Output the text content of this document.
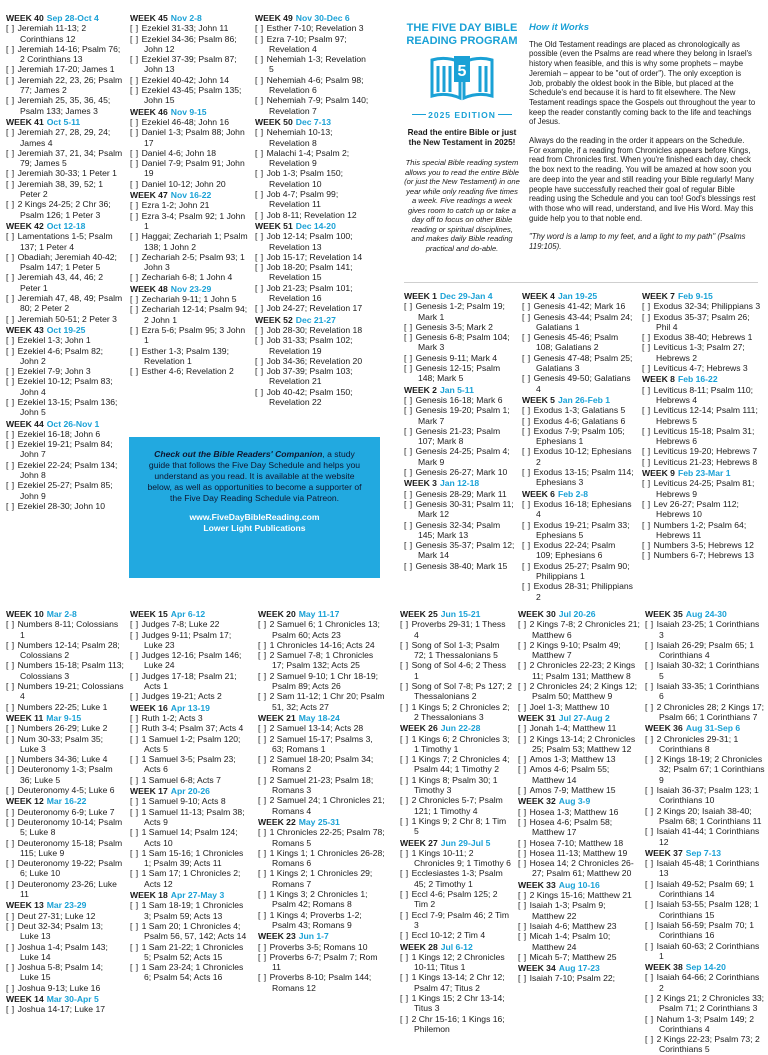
WEEK 40 Sep 28-Oct 4
[ ] Jeremiah 11-13; 2 Corinthians 12
[ ] Jeremiah 14-16; Psalm 76; 2 Corinthians 13
[ ] Jeremiah 17-20; James 1
[ ] Jeremiah 22, 23, 26; Psalm 77; James 2
[ ] Jeremiah 25, 35, 36, 45; Psalm 133; James 3
WEEK 41 Oct 5-11
[ ] Jeremiah 27, 28, 29, 24; James 4
[ ] Jeremiah 37, 21, 34; Psalm 79; James 5
[ ] Jeremiah 30-33; 1 Peter 1
[ ] Jeremiah 38, 39, 52; 1 Peter 2
[ ] 2 Kings 24-25; 2 Chr 36; Psalm 126; 1 Peter 3
WEEK 42 Oct 12-18
[ ] Lamentations 1-5; Psalm 137; 1 Peter 4
[ ] Obadiah; Jeremiah 40-42; Psalm 147; 1 Peter 5
[ ] Jeremiah 43, 44, 46; 2 Peter 1
[ ] Jeremiah 47, 48, 49; Psalm 80; 2 Peter 2
[ ] Jeremiah 50-51; 2 Peter 3
WEEK 43 Oct 19-25
[ ] Ezekiel 1-3; John 1
[ ] Ezekiel 4-6; Psalm 82; John 2
[ ] Ezekiel 7-9; John 3
[ ] Ezekiel 10-12; Psalm 83; John 4
[ ] Ezekiel 13-15; Psalm 136; John 5
WEEK 44 Oct 26-Nov 1
[ ] Ezekiel 16-18; John 6
[ ] Ezekiel 19-21; Psalm 84; John 7
[ ] Ezekiel 22-24; Psalm 134; John 8
[ ] Ezekiel 25-27; Psalm 85; John 9
[ ] Ezekiel 28-30; John 10
WEEK 45 Nov 2-8
[ ] Ezekiel 31-33; John 11
[ ] Ezekiel 34-36; Psalm 86; John 12
[ ] Ezekiel 37-39; Psalm 87; John 13
[ ] Ezekiel 40-42; John 14
[ ] Ezekiel 43-45; Psalm 135; John 15
WEEK 46 Nov 9-15
[ ] Ezekiel 46-48; John 16
[ ] Daniel 1-3; Psalm 88; John 17
[ ] Daniel 4-6; John 18
[ ] Daniel 7-9; Psalm 91; John 19
[ ] Daniel 10-12; John 20
WEEK 47 Nov 16-22
[ ] Ezra 1-2; John 21
[ ] Ezra 3-4; Psalm 92; 1 John 1
[ ] Haggai; Zechariah 1; Psalm 138; 1 John 2
[ ] Zechariah 2-5; Psalm 93; 1 John 3
[ ] Zechariah 6-8; 1 John 4
WEEK 48 Nov 23-29
[ ] Zechariah 9-11; 1 John 5
[ ] Zechariah 12-14; Psalm 94; 2 John 1
[ ] Ezra 5-6; Psalm 95; 3 John 1
[ ] Esther 1-3; Psalm 139; Revelation 1
[ ] Esther 4-6; Revelation 2
WEEK 49 Nov 30-Dec 6
[ ] Esther 7-10; Revelation 3
[ ] Ezra 7-10; Psalm 97; Revelation 4
[ ] Nehemiah 1-3; Revelation 5
[ ] Nehemiah 4-6; Psalm 98; Revelation 6
[ ] Nehemiah 7-9; Psalm 140; Revelation 7
WEEK 50 Dec 7-13
[ ] Nehemiah 10-13; Revelation 8
[ ] Malachi 1-4; Psalm 2; Revelation 9
[ ] Job 1-3; Psalm 150; Revelation 10
[ ] Job 4-7; Psalm 99; Revelation 11
[ ] Job 8-11; Revelation 12
WEEK 51 Dec 14-20
[ ] Job 12-14; Psalm 100; Revelation 13
[ ] Job 15-17; Revelation 14
[ ] Job 18-20; Psalm 141; Revelation 15
[ ] Job 21-23; Psalm 101; Revelation 16
[ ] Job 24-27; Revelation 17
WEEK 52 Dec 21-27
[ ] Job 28-30; Revelation 18
[ ] Job 31-33; Psalm 102; Revelation 19
[ ] Job 34-36; Revelation 20
[ ] Job 37-39; Psalm 103; Revelation 21
[ ] Job 40-42; Psalm 150; Revelation 22
Check out the Bible Readers' Companion, a study guide that follows the Five Day Schedule and helps you understand as you read. It is available at the website below, as well as opportunities to become a supporter of the Five Day Reading Schedule via Patreon.
www.FiveDayBibleReading.com
Lower Light Publications
THE FIVE DAY BIBLE READING PROGRAM
5
2025 EDITION
Read the entire Bible or just the New Testament in 2025!
This special Bible reading system allows you to read the entire Bible (or just the New Testament) in one year while only reading five times a week. Five readings a week gives room to catch up or take a day off to focus on other Bible reading or spiritual disciplines, and makes daily Bible reading practical and do-able.
How it Works

The Old Testament readings are placed as chronologically as possible (even the Psalms are read where they belong in Israel's history when feasible, and this is why some prophets – maybe Jeremiah – appear to be "out of order"). The only exception is Job, probably the oldest book in the Bible, but placed at the Schedule's end because it is hard to fit elsewhere. The New Testament readings space the Gospels out throughout the year to keep the reader constantly coming back to the life and teachings of Jesus.

Always do the reading in the order it appears on the Schedule. For example, if a reading from Chronicles appears before Kings, read from Chronicles first. When you're finished each day, check the box next to the reading. You will be amazed at how soon you are deep into the year and still reading your Bible regularly! Many people have successfully reached their goal of regular Bible reading using the Schedule and you can too! God's blessings rest with those who will read, understand, and live His Word. May this guide help you to that noble end.

"Thy word is a lamp to my feet, and a light to my path" (Psalms 119:105).

WEEK 1 Dec 29-Jan 4
[ ] Genesis 1-2; Psalm 19; Mark 1
[ ] Genesis 3-5; Mark 2
[ ] Genesis 6-8; Psalm 104; Mark 3
[ ] Genesis 9-11; Mark 4
[ ] Genesis 12-15; Psalm 148; Mark 5
WEEK 2 Jan 5-11
[ ] Genesis 16-18; Mark 6
[ ] Genesis 19-20; Psalm 1; Mark 7
[ ] Genesis 21-23; Psalm 107; Mark 8
[ ] Genesis 24-25; Psalm 4; Mark 9
[ ] Genesis 26-27; Mark 10
WEEK 3 Jan 12-18
[ ] Genesis 28-29; Mark 11
[ ] Genesis 30-31; Psalm 11; Mark 12
[ ] Genesis 32-34; Psalm 145; Mark 13
[ ] Genesis 35-37; Psalm 12; Mark 14
[ ] Genesis 38-40; Mark 15
WEEK 4 Jan 19-25
[ ] Genesis 41-42; Mark 16
[ ] Genesis 43-44; Psalm 24; Galatians 1
[ ] Genesis 45-46; Psalm 108; Galatians 2
[ ] Genesis 47-48; Psalm 25; Galatians 3
[ ] Genesis 49-50; Galatians 4
WEEK 5 Jan 26-Feb 1
[ ] Exodus 1-3; Galatians 5
[ ] Exodus 4-6; Galatians 6
[ ] Exodus 7-9; Psalm 105; Ephesians 1
[ ] Exodus 10-12; Ephesians 2
[ ] Exodus 13-15; Psalm 114; Ephesians 3
WEEK 6 Feb 2-8
[ ] Exodus 16-18; Ephesians 4
[ ] Exodus 19-21; Psalm 33; Ephesians 5
[ ] Exodus 22-24; Psalm 109; Ephesians 6
[ ] Exodus 25-27; Psalm 90; Philippians 1
[ ] Exodus 28-31; Philippians 2
WEEK 7 Feb 9-15
[ ] Exodus 32-34; Philippians 3
[ ] Exodus 35-37; Psalm 26; Phil 4
[ ] Exodus 38-40; Hebrews 1
[ ] Leviticus 1-3; Psalm 27; Hebrews 2
[ ] Leviticus 4-7; Hebrews 3
WEEK 8 Feb 16-22
[ ] Leviticus 8-11; Psalm 110; Hebrews 4
[ ] Leviticus 12-14; Psalm 111; Hebrews 5
[ ] Leviticus 15-18; Psalm 31; Hebrews 6
[ ] Leviticus 19-20; Hebrews 7
[ ] Leviticus 21-23; Hebrews 8
WEEK 9 Feb 23-Mar 1
[ ] Leviticus 24-25; Psalm 81; Hebrews 9
[ ] Lev 26-27; Psalm 112; Hebrews 10
[ ] Numbers 1-2; Psalm 64; Hebrews 11
[ ] Numbers 3-5; Hebrews 12
[ ] Numbers 6-7; Hebrews 13
WEEK 10 Mar 2-8
[ ] Numbers 8-11; Colossians 1
[ ] Numbers 12-14; Psalm 28; Colossians 2
[ ] Numbers 15-18; Psalm 113; Colossians 3
[ ] Numbers 19-21; Colossians 4
[ ] Numbers 22-25; Luke 1
WEEK 11 Mar 9-15
[ ] Numbers 26-29; Luke 2
[ ] Num 30-33; Psalm 35; Luke 3
[ ] Numbers 34-36; Luke 4
[ ] Deuteronomy 1-3; Psalm 36; Luke 5
[ ] Deuteronomy 4-5; Luke 6
WEEK 12 Mar 16-22
[ ] Deuteronomy 6-9; Luke 7
[ ] Deuteronomy 10-14; Psalm 5; Luke 8
[ ] Deuteronomy 15-18; Psalm 115; Luke 9
[ ] Deuteronomy 19-22; Psalm 6; Luke 10
[ ] Deuteronomy 23-26; Luke 11
WEEK 13 Mar 23-29
[ ] Deut 27-31; Luke 12
[ ] Deut 32-34; Psalm 13; Luke 13
[ ] Joshua 1-4; Psalm 143; Luke 14
[ ] Joshua 5-8; Psalm 14; Luke 15
[ ] Joshua 9-13; Luke 16
WEEK 14 Mar 30-Apr 5
[ ] Joshua 14-17; Luke 17
WEEK 15 Apr 6-12
[ ] Judges 7-8; Luke 22
[ ] Judges 9-11; Psalm 17; Luke 23
[ ] Judges 12-16; Psalm 146; Luke 24
[ ] Judges 17-18; Psalm 21; Acts 1
[ ] Judges 19-21; Acts 2
WEEK 16 Apr 13-19
[ ] Ruth 1-2; Acts 3
[ ] Ruth 3-4; Psalm 37; Acts 4
[ ] 1 Samuel 1-2; Psalm 120; Acts 5
[ ] 1 Samuel 3-5; Psalm 23; Acts 6
[ ] 1 Samuel 6-8; Acts 7
WEEK 17 Apr 20-26
[ ] 1 Samuel 9-10; Acts 8
[ ] 1 Samuel 11-13; Psalm 38; Acts 9
[ ] 1 Samuel 14; Psalm 124; Acts 10
[ ] 1 Sam 15-16; 1 Chronicles 1; Psalm 39; Acts 11
[ ] 1 Sam 17; 1 Chronicles 2; Acts 12
WEEK 18 Apr 27-May 3
[ ] 1 Sam 18-19; 1 Chronicles 3; Psalm 59; Acts 13
[ ] 1 Sam 20; 1 Chronicles 4; Psalm 56, 57, 142; Acts 14
[ ] 1 Sam 21-22; 1 Chronicles 5; Psalm 52; Acts 15
[ ] 1 Sam 23-24; 1 Chronicles 6; Psalm 54; Acts 16
WEEK 20 May 11-17
[ ] 2 Samuel 6; 1 Chronicles 13; Psalm 60; Acts 23
[ ] 1 Chronicles 14-16; Acts 24
[ ] 2 Samuel 7-8; 1 Chronicles 17; Psalm 132; Acts 25
[ ] 2 Samuel 9-10; 1 Chr 18-19; Psalm 89; Acts 26
[ ] 2 Sam 11-12; 1 Chr 20; Psalm 51, 32; Acts 27
WEEK 21 May 18-24
[ ] 2 Samuel 13-14; Acts 28
[ ] 2 Samuel 15-17; Psalms 3, 63; Romans 1
[ ] 2 Samuel 18-20; Psalm 34; Romans 2
[ ] 2 Samuel 21-23; Psalm 18; Romans 3
[ ] 2 Samuel 24; 1 Chronicles 21; Romans 4
WEEK 22 May 25-31
[ ] 1 Chronicles 22-25; Psalm 78; Romans 5
[ ] 1 Kings 1; 1 Chronicles 26-28; Romans 6
[ ] 1 Kings 2; 1 Chronicles 29; Romans 7
[ ] 1 Kings 3; 2 Chronicles 1; Psalm 42; Romans 8
[ ] 1 Kings 4; Proverbs 1-2; Psalm 43; Romans 9
WEEK 23 Jun 1-7
[ ] Proverbs 3-5; Romans 10
[ ] Proverbs 6-7; Psalm 7; Rom 11
[ ] Proverbs 8-10; Psalm 144; Romans 12
WEEK 25 Jun 15-21
[ ] Proverbs 29-31; 1 Thess 4
[ ] Song of Sol 1-3; Psalm 72; 1 Thessalonians 5
[ ] Song of Sol 4-6; 2 Thess 1
[ ] Song of Sol 7-8; Ps 127; 2 Thessalonians 2
[ ] 1 Kings 5; 2 Chronicles 2; 2 Thessalonians 3
WEEK 26 Jun 22-28
[ ] 1 Kings 6; 2 Chronicles 3; 1 Timothy 1
[ ] 1 Kings 7; 2 Chronicles 4; Psalm 44; 1 Timothy 2
[ ] 1 Kings 8; Psalm 30; 1 Timothy 3
[ ] 2 Chronicles 5-7; Psalm 121; 1 Timothy 4
[ ] 1 Kings 9; 2 Chr 8; 1 Tim 5
WEEK 27 Jun 29-Jul 5
[ ] 1 Kings 10-11; 2 Chronicles 9; 1 Timothy 6
[ ] Ecclesiastes 1-3; Psalm 45; 2 Timothy 1
[ ] Eccl 4-6; Psalm 125; 2 Tim 2
[ ] Eccl 7-9; Psalm 46; 2 Tim 3
[ ] Eccl 10-12; 2 Tim 4
WEEK 28 Jul 6-12
[ ] 1 Kings 12; 2 Chronicles 10-11; Titus 1
[ ] 1 Kings 13-14; 2 Chr 12; Psalm 47; Titus 2
[ ] 1 Kings 15; 2 Chr 13-14; Titus 3
[ ] 2 Chr 15-16; 1 Kings 16; Philemon
WEEK 30 Jul 20-26
[ ] 2 Kings 7-8; 2 Chronicles 21; Matthew 6
[ ] 2 Kings 9-10; Psalm 49; Matthew 7
[ ] 2 Chronicles 22-23; 2 Kings 11; Psalm 131; Matthew 8
[ ] 2 Chronicles 24; 2 Kings 12; Psalm 50; Matthew 9
[ ] Joel 1-3; Matthew 10
WEEK 31 Jul 27-Aug 2
[ ] Jonah 1-4; Matthew 11
[ ] 2 Kings 13-14; 2 Chronicles 25; Psalm 53; Matthew 12
[ ] Amos 1-3; Matthew 13
[ ] Amos 4-6; Psalm 55; Matthew 14
[ ] Amos 7-9; Matthew 15
WEEK 32 Aug 3-9
[ ] Hosea 1-3; Matthew 16
[ ] Hosea 4-6; Psalm 58; Matthew 17
[ ] Hosea 7-10; Matthew 18
[ ] Hosea 11-13; Matthew 19
[ ] Hosea 14; 2 Chronicles 26-27; Psalm 61; Matthew 20
WEEK 33 Aug 10-16
[ ] 2 Kings 15-16; Matthew 21
[ ] Isaiah 1-3; Psalm 9; Matthew 22
[ ] Isaiah 4-6; Matthew 23
[ ] Micah 1-4; Psalm 10; Matthew 24
[ ] Micah 5-7; Matthew 25
WEEK 34 Aug 17-23
[ ] Isaiah 7-10; Psalm 22;
WEEK 35 Aug 24-30
[ ] Isaiah 23-25; 1 Corinthians 3
[ ] Isaiah 26-29; Psalm 65; 1 Corinthians 4
[ ] Isaiah 30-32; 1 Corinthians 5
[ ] Isaiah 33-35; 1 Corinthians 6
[ ] 2 Chronicles 28; 2 Kings 17; Psalm 66; 1 Corinthians 7
WEEK 36 Aug 31-Sep 6
[ ] 2 Chronicles 29-31; 1 Corinthians 8
[ ] 2 Kings 18-19; 2 Chronicles 32; Psalm 67; 1 Corinthians 9
[ ] Isaiah 36-37; Psalm 123; 1 Corinthians 10
[ ] 2 Kings 20; Isaiah 38-40; Psalm 68; 1 Corinthians 11
[ ] Isaiah 41-44; 1 Corinthians 12
WEEK 37 Sep 7-13
[ ] Isaiah 45-48; 1 Corinthians 13
[ ] Isaiah 49-52; Psalm 69; 1 Corinthians 14
[ ] Isaiah 53-55; Psalm 128; 1 Corinthians 15
[ ] Isaiah 56-59; Psalm 70; 1 Corinthians 16
[ ] Isaiah 60-63; 2 Corinthians 1
WEEK 38 Sep 14-20
[ ] Isaiah 64-66; 2 Corinthians 2
[ ] 2 Kings 21; 2 Chronicles 33; Psalm 71; 2 Corinthians 3
[ ] Nahum 1-3; Psalm 149; 2 Corinthians 4
[ ] 2 Kings 22-23; Psalm 73; 2 Corinthians 5
